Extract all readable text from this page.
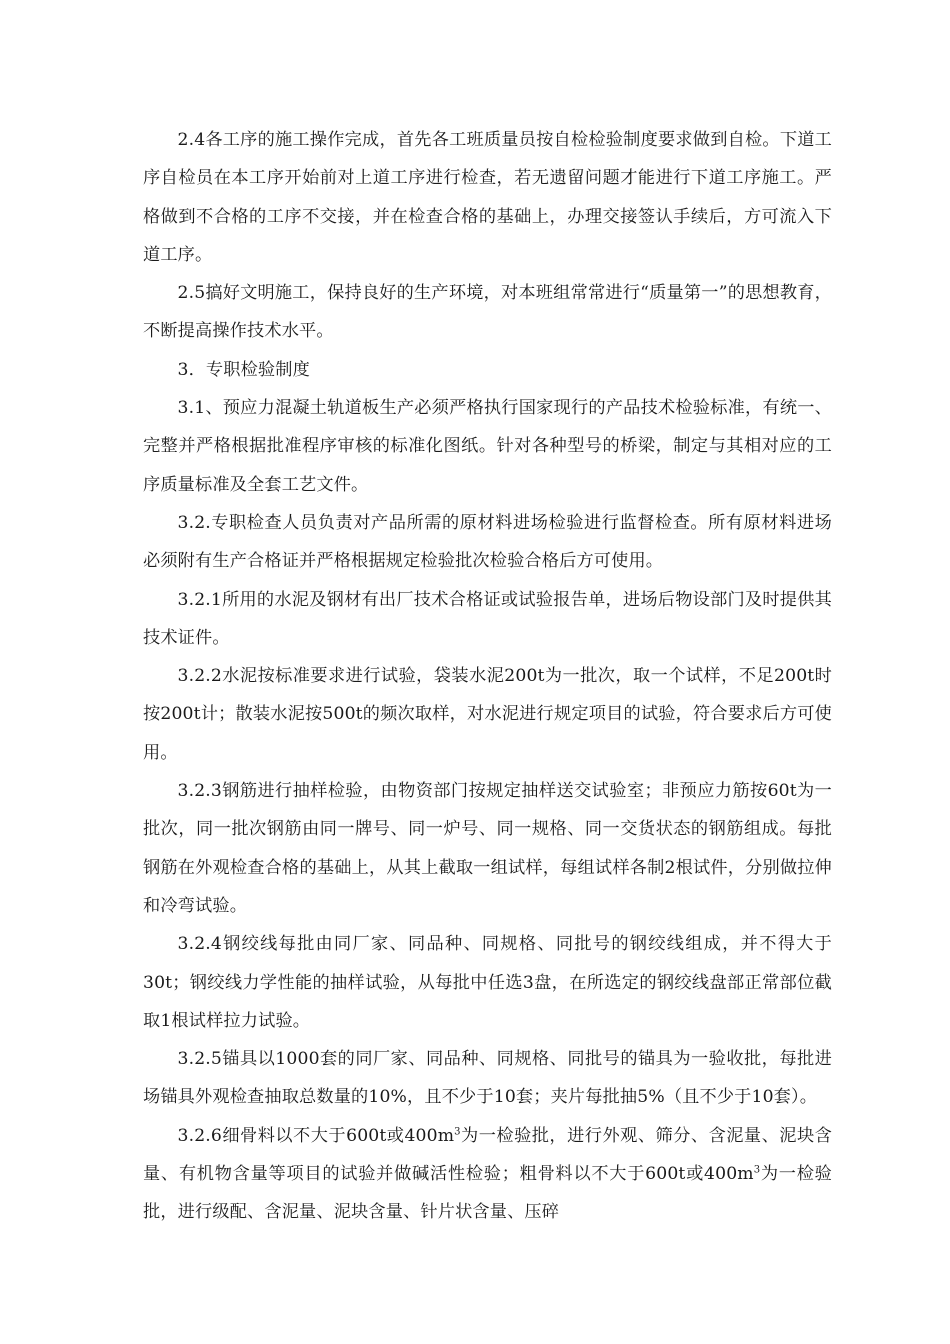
2.4各工序的施工操作完成，首先各工班质量员按自检检验制度要求做到自检。下道工序自检员在本工序开始前对上道工序进行检查，若无遗留问题才能进行下道工序施工。严格做到不合格的工序不交接，并在检查合格的基础上，办理交接签认手续后，方可流入下道工序。

2.5搞好文明施工，保持良好的生产环境，对本班组常常进行“质量第一”的思想教育，不断提高操作技术水平。

3．专职检验制度

3.1、预应力混凝土轨道板生产必须严格执行国家现行的产品技术检验标准，有统一、完整并严格根据批准程序审核的标准化图纸。针对各种型号的桥梁，制定与其相对应的工序质量标准及全套工艺文件。

3.2.专职检查人员负责对产品所需的原材料进场检验进行监督检查。所有原材料进场必须附有生产合格证并严格根据规定检验批次检验合格后方可使用。

3.2.1所用的水泥及钢材有出厂技术合格证或试验报告单，进场后物设部门及时提供其技术证件。

3.2.2水泥按标准要求进行试验，袋装水泥200t为一批次，取一个试样，不足200t时按200t计；散装水泥按500t的频次取样，对水泥进行规定项目的试验，符合要求后方可使用。

3.2.3钢筋进行抽样检验，由物资部门按规定抽样送交试验室；非预应力筋按60t为一批次，同一批次钢筋由同一牌号、同一炉号、同一规格、同一交货状态的钢筋组成。每批钢筋在外观检查合格的基础上，从其上截取一组试样，每组试样各制2根试件，分别做拉伸和冷弯试验。

3.2.4钢绞线每批由同厂家、同品种、同规格、同批号的钢绞线组成，并不得大于30t；钢绞线力学性能的抽样试验，从每批中任选3盘，在所选定的钢绞线盘部正常部位截取1根试样拉力试验。

3.2.5锚具以1000套的同厂家、同品种、同规格、同批号的锚具为一验收批，每批进场锚具外观检查抽取总数量的10%，且不少于10套；夹片每批抽5%（且不少于10套）。

3.2.6细骨料以不大于600t或$400m^3$为一检验批，进行外观、筛分、含泥量、泥块含量、有机物含量等项目的试验并做碱活性检验；粗骨料以不大于600t或$400m^3$为一检验批，进行级配、含泥量、泥块含量、针片状含量、压碎
